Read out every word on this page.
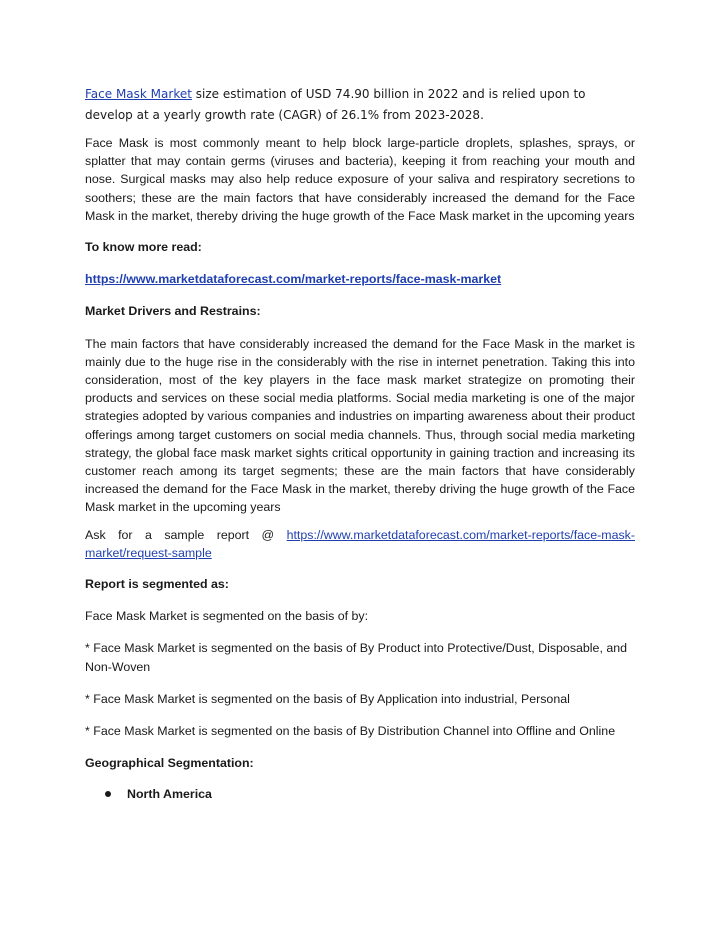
Face Mask Market size estimation of USD 74.90 billion in 2022 and is relied upon to develop at a yearly growth rate (CAGR) of 26.1% from 2023-2028.

Face Mask is most commonly meant to help block large-particle droplets, splashes, sprays, or splatter that may contain germs (viruses and bacteria), keeping it from reaching your mouth and nose. Surgical masks may also help reduce exposure of your saliva and respiratory secretions to soothers; these are the main factors that have considerably increased the demand for the Face Mask in the market, thereby driving the huge growth of the Face Mask market in the upcoming years

To know more read:

https://www.marketdataforecast.com/market-reports/face-mask-market

Market Drivers and Restrains:

The main factors that have considerably increased the demand for the Face Mask in the market is mainly due to the huge rise in the considerably with the rise in internet penetration. Taking this into consideration, most of the key players in the face mask market strategize on promoting their products and services on these social media platforms. Social media marketing is one of the major strategies adopted by various companies and industries on imparting awareness about their product offerings among target customers on social media channels. Thus, through social media marketing strategy, the global face mask market sights critical opportunity in gaining traction and increasing its customer reach among its target segments; these are the main factors that have considerably increased the demand for the Face Mask in the market, thereby driving the huge growth of the Face Mask market in the upcoming years

Ask for a sample report @ https://www.marketdataforecast.com/market-reports/face-mask-market/request-sample

Report is segmented as:

Face Mask Market is segmented on the basis of by:

* Face Mask Market is segmented on the basis of By Product into Protective/Dust, Disposable, and Non-Woven

* Face Mask Market is segmented on the basis of By Application into industrial, Personal

* Face Mask Market is segmented on the basis of By Distribution Channel into Offline and Online

Geographical Segmentation:

North America
